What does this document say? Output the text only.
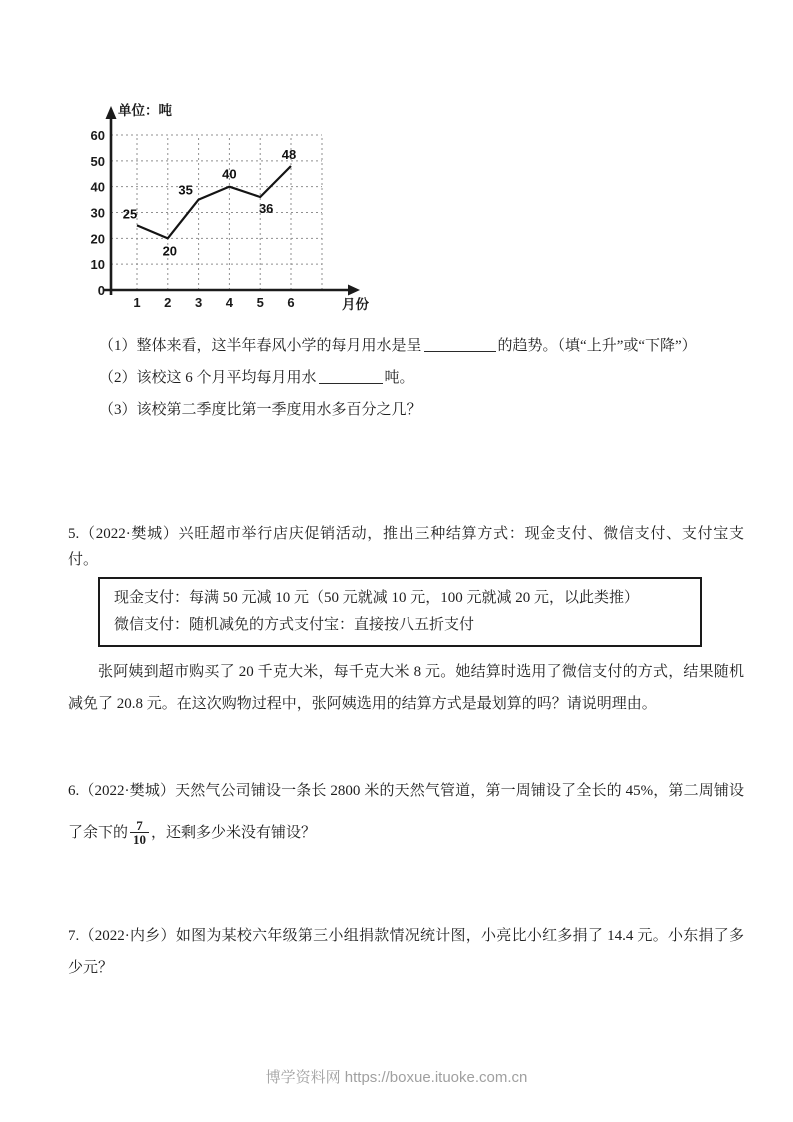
0
10
20
30
40
50
60
1 2 3 4 5 6
单位：吨
月份
25
20
35
40
36
48
（1）整体来看，这半年春风小学的每月用水是呈	的趋势。（填“上升”或“下降”）
（2）该校这 6 个月平均每月用水	吨。
（3）该校第二季度比第一季度用水多百分之几？
5.（2022·樊城）兴旺超市举行店庆促销活动，推出三种结算方式：现金支付、微信支付、支付宝支付。
现金支付：每满 50 元减 10 元（50 元就减 10 元，100 元就减 20 元，以此类推）
微信支付：随机减免的方式支付宝：直接按八五折支付
张阿姨到超市购买了 20 千克大米，每千克大米 8 元。她结算时选用了微信支付的方式，结果随机减免了 20.8 元。在这次购物过程中，张阿姨选用的结算方式是最划算的吗？请说明理由。
6.（2022·樊城）天然气公司铺设一条长 2800 米的天然气管道，第一周铺设了全长的 45%，第二周铺设了余下的 $\frac{7}{10}$ ，还剩多少米没有铺设？
7.（2022·内乡）如图为某校六年级第三小组捐款情况统计图，小亮比小红多捐了 14.4 元。小东捐了多少元？
博学资料网 https://boxue.ituoke.com.cn
